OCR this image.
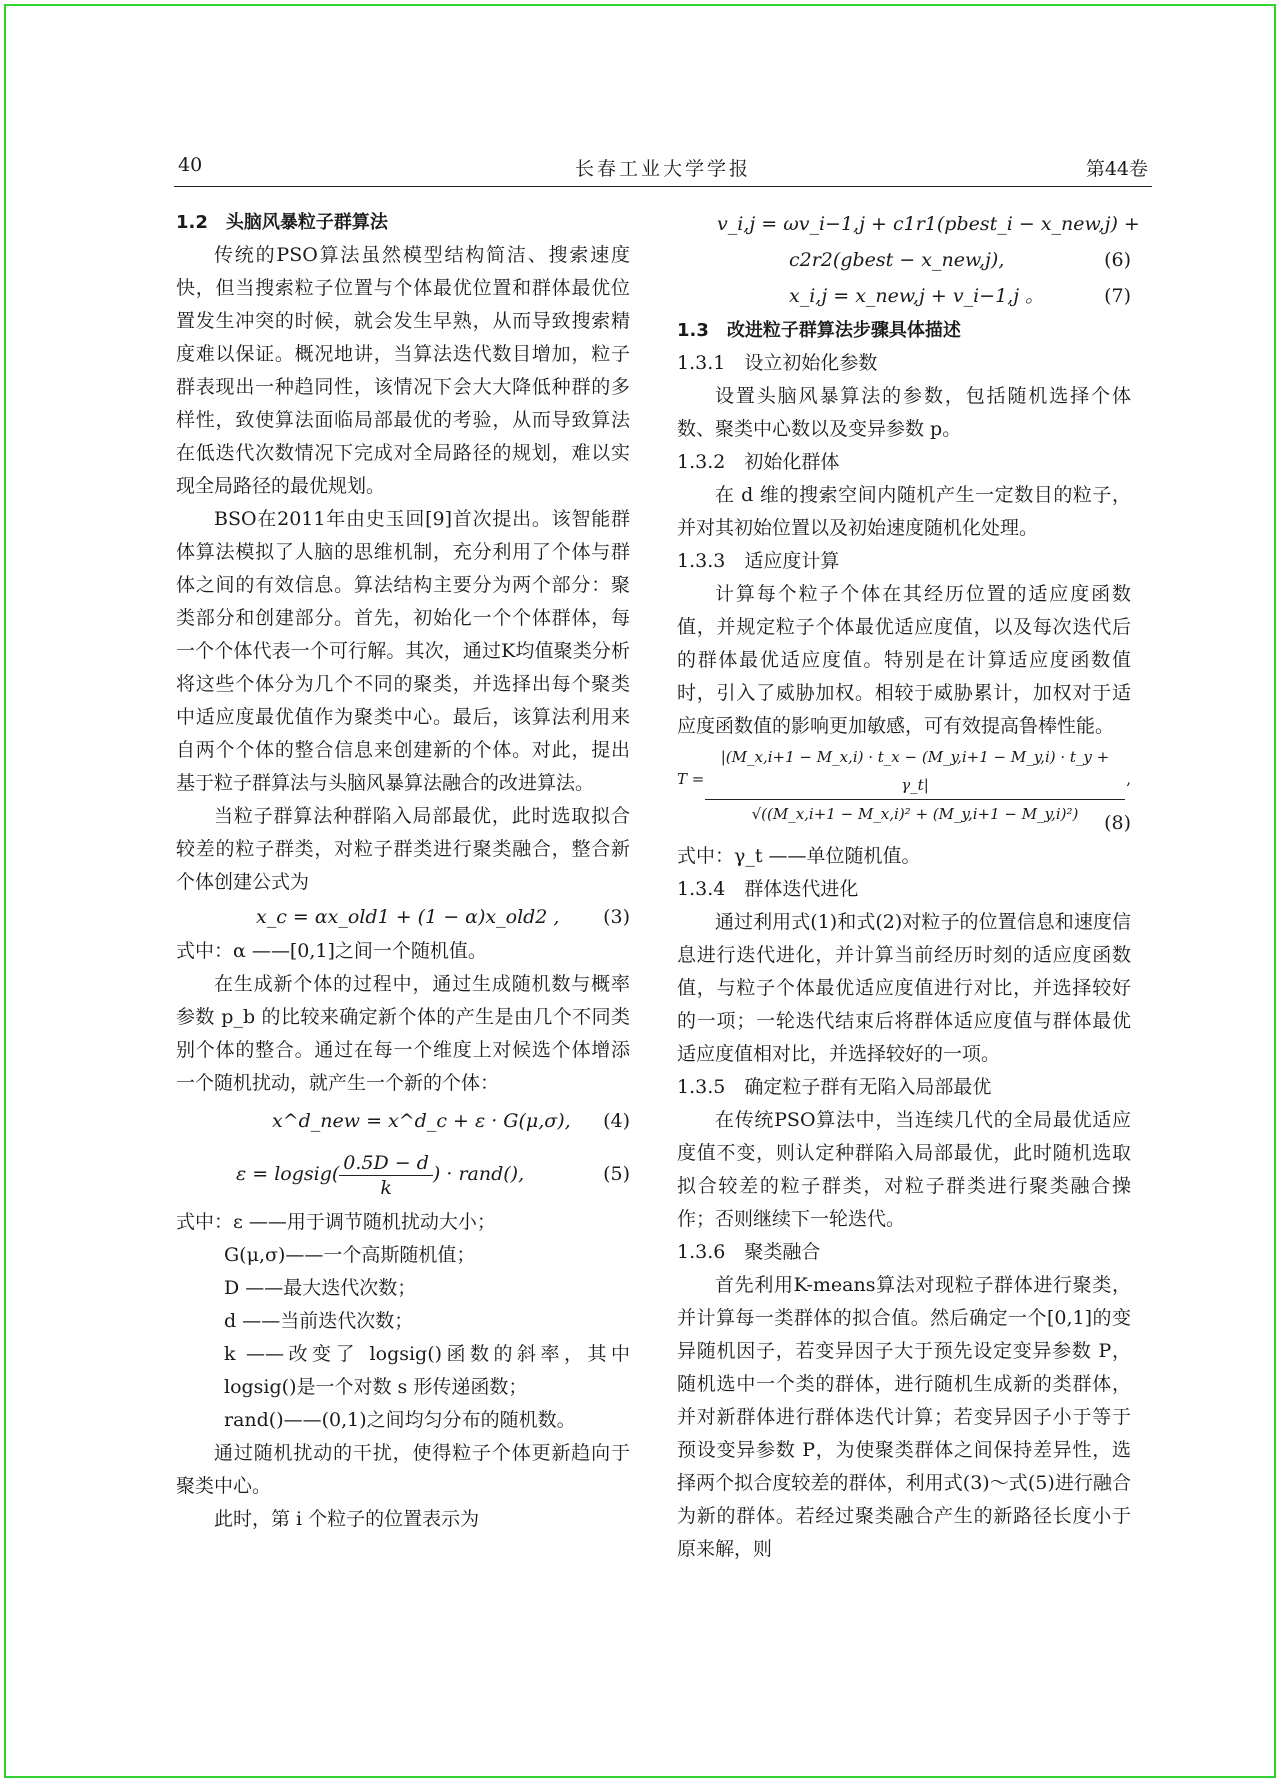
40	长春工业大学学报	第44卷
1.2　头脑风暴粒子群算法

传统的PSO算法虽然模型结构简洁、搜索速度快，但当搜索粒子位置与个体最优位置和群体最优位置发生冲突的时候，就会发生早熟，从而导致搜索精度难以保证。概况地讲，当算法迭代数目增加，粒子群表现出一种趋同性，该情况下会大大降低种群的多样性，致使算法面临局部最优的考验，从而导致算法在低迭代次数情况下完成对全局路径的规划，难以实现全局路径的最优规划。

BSO在2011年由史玉回[9]首次提出。该智能群体算法模拟了人脑的思维机制，充分利用了个体与群体之间的有效信息。算法结构主要分为两个部分：聚类部分和创建部分。首先，初始化一个个体群体，每一个个体代表一个可行解。其次，通过K均值聚类分析将这些个体分为几个不同的聚类，并选择出每个聚类中适应度最优值作为聚类中心。最后，该算法利用来自两个个体的整合信息来创建新的个体。对此，提出基于粒子群算法与头脑风暴算法融合的改进算法。

当粒子群算法种群陷入局部最优，此时选取拟合较差的粒子群类，对粒子群类进行聚类融合，整合新个体创建公式为

x_c = αx_old1 + (1 − α)x_old2 , (3)

式中：α ——[0,1]之间一个随机值。

在生成新个体的过程中，通过生成随机数与概率参数 p_b 的比较来确定新个体的产生是由几个不同类别个体的整合。通过在每一个维度上对候选个体增添一个随机扰动，就产生一个新的个体：

x^d_new = x^d_c + ε · G(μ,σ), (4)
ε = logsig( $\frac{0.5D - d}{k}$ ) · rand(),	(5)

式中：ε ——用于调节随机扰动大小；

G(μ,σ)——一个高斯随机值；

D ——最大迭代次数；

d ——当前迭代次数；

k ——改变了 logsig()函数的斜率，其中logsig()是一个对数 s 形传递函数；

rand()——(0,1)之间均匀分布的随机数。

通过随机扰动的干扰，使得粒子个体更新趋向于聚类中心。

此时，第 i 个粒子的位置表示为

v_i,j = ωv_i−1,j + c1r1(pbest_i − x_new,j) +
c2r2(gbest − x_new,j),	(6)
x_i,j = x_new,j + v_i−1,j 。	(7)
1.3　改进粒子群算法步骤具体描述
1.3.1　设立初始化参数

设置头脑风暴算法的参数，包括随机选择个体数、聚类中心数以及变异参数 p。

1.3.2　初始化群体

在 d 维的搜索空间内随机产生一定数目的粒子，并对其初始位置以及初始速度随机化处理。

1.3.3　适应度计算

计算每个粒子个体在其经历位置的适应度函数值，并规定粒子个体最优适应度值，以及每次迭代后的群体最优适应度值。特别是在计算适应度函数值时，引入了威胁加权。相较于威胁累计，加权对于适应度函数值的影响更加敏感，可有效提高鲁棒性能。

$T = \frac{|(M\_x,i+1 - M\_x,i) \cdot t\_x - (M\_y,i+1 - M\_y,i) \cdot t\_y + \gamma\_t|}{\text{√((M\_x,i+1 − M\_x,i)² + (M\_y,i+1 − M\_y,i)²)}}$ ,
(8)

式中：γ_t ——单位随机值。

1.3.4　群体迭代进化

通过利用式(1)和式(2)对粒子的位置信息和速度信息进行迭代进化，并计算当前经历时刻的适应度函数值，与粒子个体最优适应度值进行对比，并选择较好的一项；一轮迭代结束后将群体适应度值与群体最优适应度值相对比，并选择较好的一项。

1.3.5　确定粒子群有无陷入局部最优

在传统PSO算法中，当连续几代的全局最优适应度值不变，则认定种群陷入局部最优，此时随机选取拟合较差的粒子群类，对粒子群类进行聚类融合操作；否则继续下一轮迭代。

1.3.6　聚类融合

首先利用K-means算法对现粒子群体进行聚类，并计算每一类群体的拟合值。然后确定一个[0,1]的变异随机因子，若变异因子大于预先设定变异参数 P，随机选中一个类的群体，进行随机生成新的类群体，并对新群体进行群体迭代计算；若变异因子小于等于预设变异参数 P，为使聚类群体之间保持差异性，选择两个拟合度较差的群体，利用式(3)～式(5)进行融合为新的群体。若经过聚类融合产生的新路径长度小于原来解，则
